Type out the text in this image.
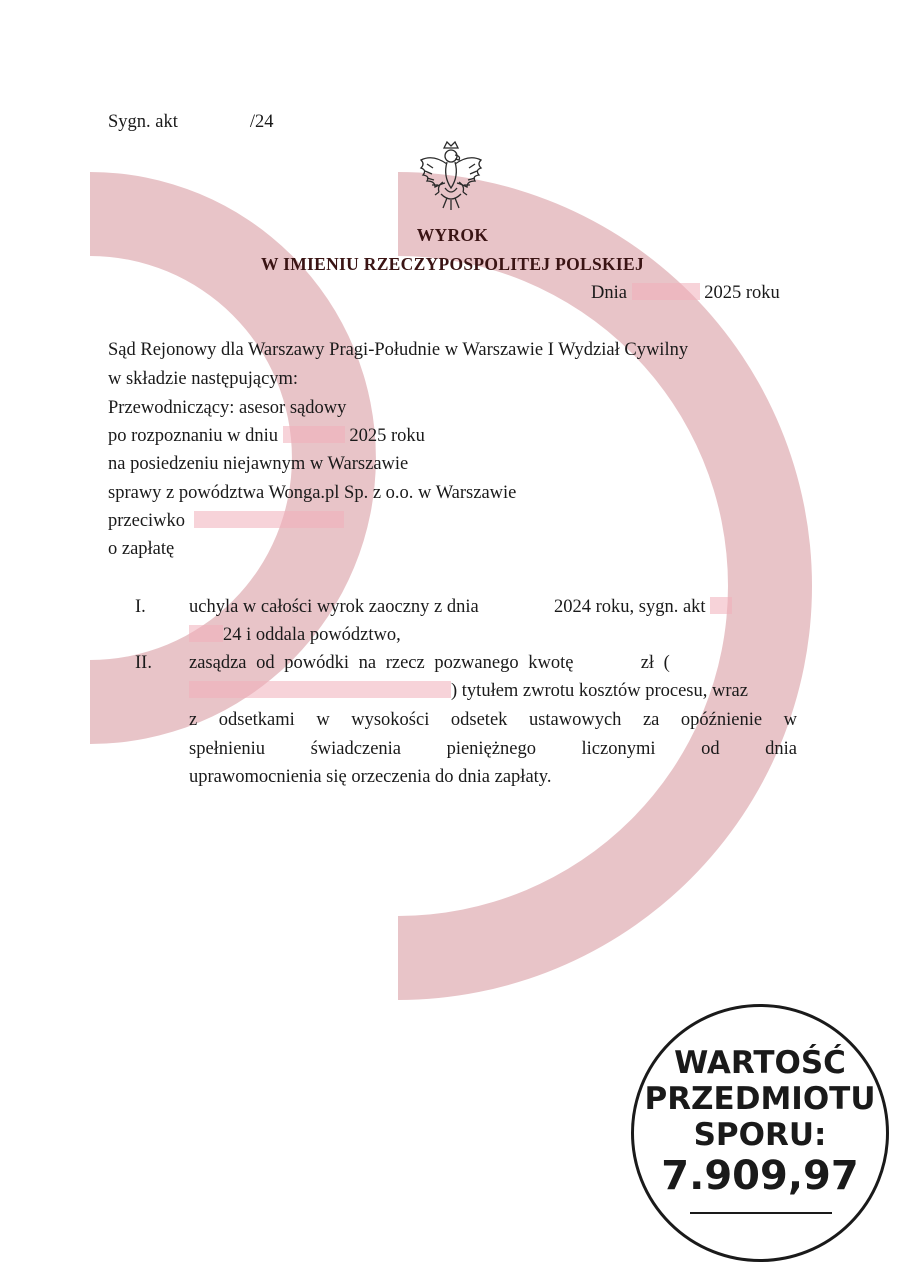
Sygn. akt	/24
WYROK
W IMIENIU RZECZYPOSPOLITEJ POLSKIEJ
Dnia	2025 roku
Sąd Rejonowy dla Warszawy Pragi-Południe w Warszawie I Wydział Cywilny
w składzie następującym:
Przewodniczący: asesor sądowy
po rozpoznaniu w dniu	2025 roku
na posiedzeniu niejawnym w Warszawie
sprawy z powództwa Wonga.pl Sp. z o.o. w Warszawie
przeciwko
o zapłatę
I. uchyla w całości wyrok zaoczny z dnia	2024 roku, sygn. akt
24 i oddala powództwo,
II. zasądza od powódki na rzecz pozwanego kwotę	zł (
) tytułem zwrotu kosztów procesu, wraz
z odsetkami w wysokości odsetek ustawowych za opóźnienie w
spełnieniu świadczenia pieniężnego liczonymi od dnia
uprawomocnienia się orzeczenia do dnia zapłaty.
WARTOŚĆ
PRZEDMIOTU
SPORU:
7.909,97
